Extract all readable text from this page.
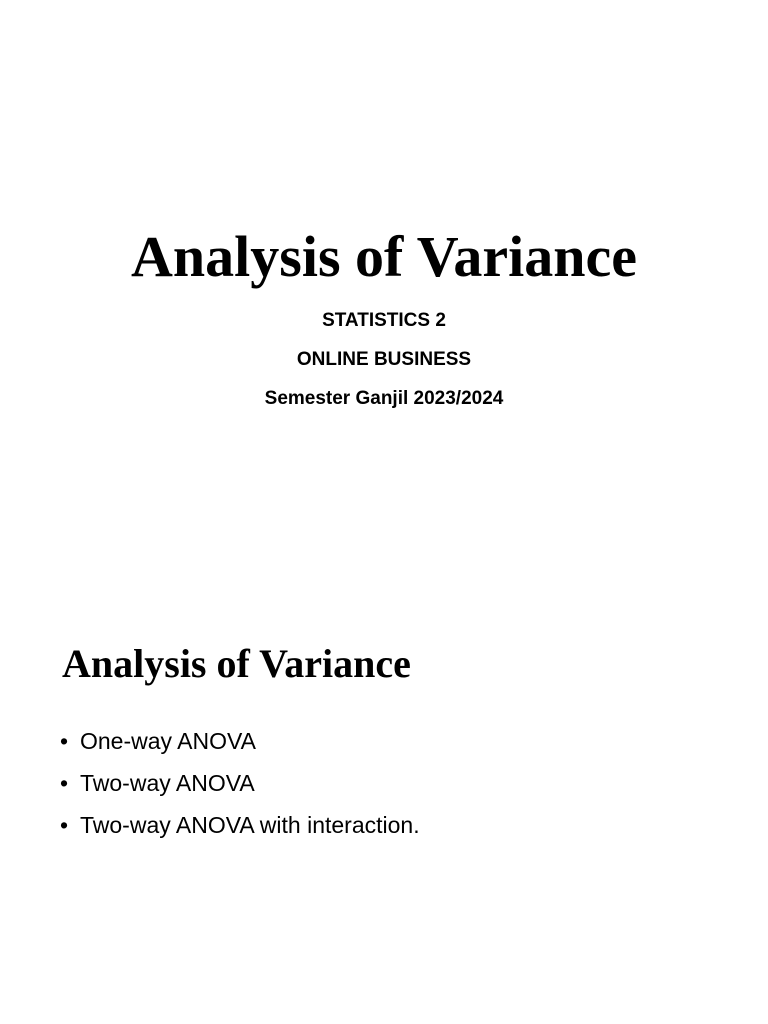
Analysis of Variance
STATISTICS 2
ONLINE BUSINESS
Semester Ganjil 2023/2024
Analysis of Variance
• One-way ANOVA
• Two-way ANOVA
• Two-way ANOVA with interaction.
